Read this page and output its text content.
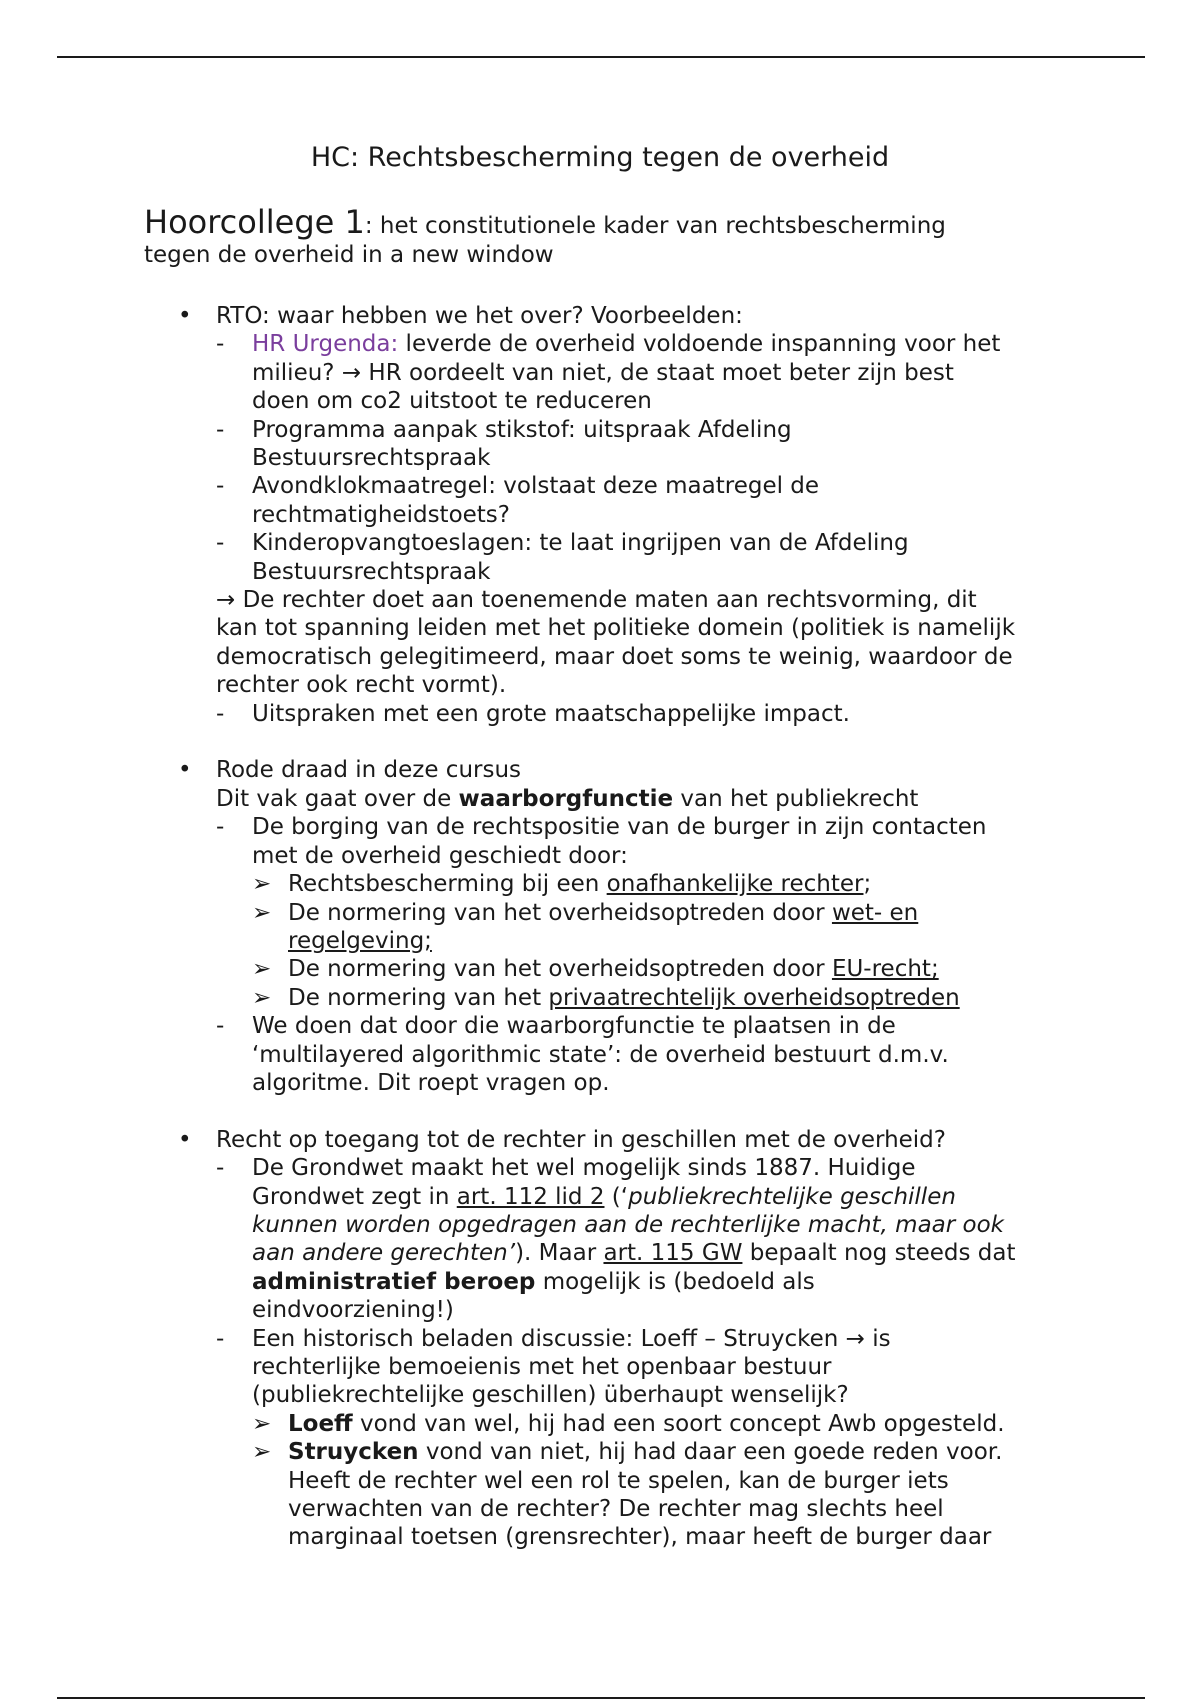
HC: Rechtsbescherming tegen de overheid
Hoorcollege 1: het constitutionele kader van rechtsbescherming
tegen de overheid in a new window
• RTO: waar hebben we het over? Voorbeelden:
- HR Urgenda: leverde de overheid voldoende inspanning voor het
milieu? → HR oordeelt van niet, de staat moet beter zijn best
doen om co2 uitstoot te reduceren
- Programma aanpak stikstof: uitspraak Afdeling
Bestuursrechtspraak
- Avondklokmaatregel: volstaat deze maatregel de
rechtmatigheidstoets?
- Kinderopvangtoeslagen: te laat ingrijpen van de Afdeling
Bestuursrechtspraak
→ De rechter doet aan toenemende maten aan rechtsvorming, dit
kan tot spanning leiden met het politieke domein (politiek is namelijk
democratisch gelegitimeerd, maar doet soms te weinig, waardoor de
rechter ook recht vormt).
- Uitspraken met een grote maatschappelijke impact.
• Rode draad in deze cursus
Dit vak gaat over de waarborgfunctie van het publiekrecht
- De borging van de rechtspositie van de burger in zijn contacten
met de overheid geschiedt door:
➢ Rechtsbescherming bij een onafhankelijke rechter;
➢ De normering van het overheidsoptreden door wet- en
regelgeving;
➢ De normering van het overheidsoptreden door EU-recht;
➢ De normering van het privaatrechtelijk overheidsoptreden
- We doen dat door die waarborgfunctie te plaatsen in de
‘multilayered algorithmic state’: de overheid bestuurt d.m.v.
algoritme. Dit roept vragen op.
• Recht op toegang tot de rechter in geschillen met de overheid?
- De Grondwet maakt het wel mogelijk sinds 1887. Huidige
Grondwet zegt in art. 112 lid 2 (‘publiekrechtelijke geschillen
kunnen worden opgedragen aan de rechterlijke macht, maar ook
aan andere gerechten’). Maar art. 115 GW bepaalt nog steeds dat
administratief beroep mogelijk is (bedoeld als
eindvoorziening!)
- Een historisch beladen discussie: Loeff – Struycken → is
rechterlijke bemoeienis met het openbaar bestuur
(publiekrechtelijke geschillen) überhaupt wenselijk?
➢ Loeff vond van wel, hij had een soort concept Awb opgesteld.
➢ Struycken vond van niet, hij had daar een goede reden voor.
Heeft de rechter wel een rol te spelen, kan de burger iets
verwachten van de rechter? De rechter mag slechts heel
marginaal toetsen (grensrechter), maar heeft de burger daar
